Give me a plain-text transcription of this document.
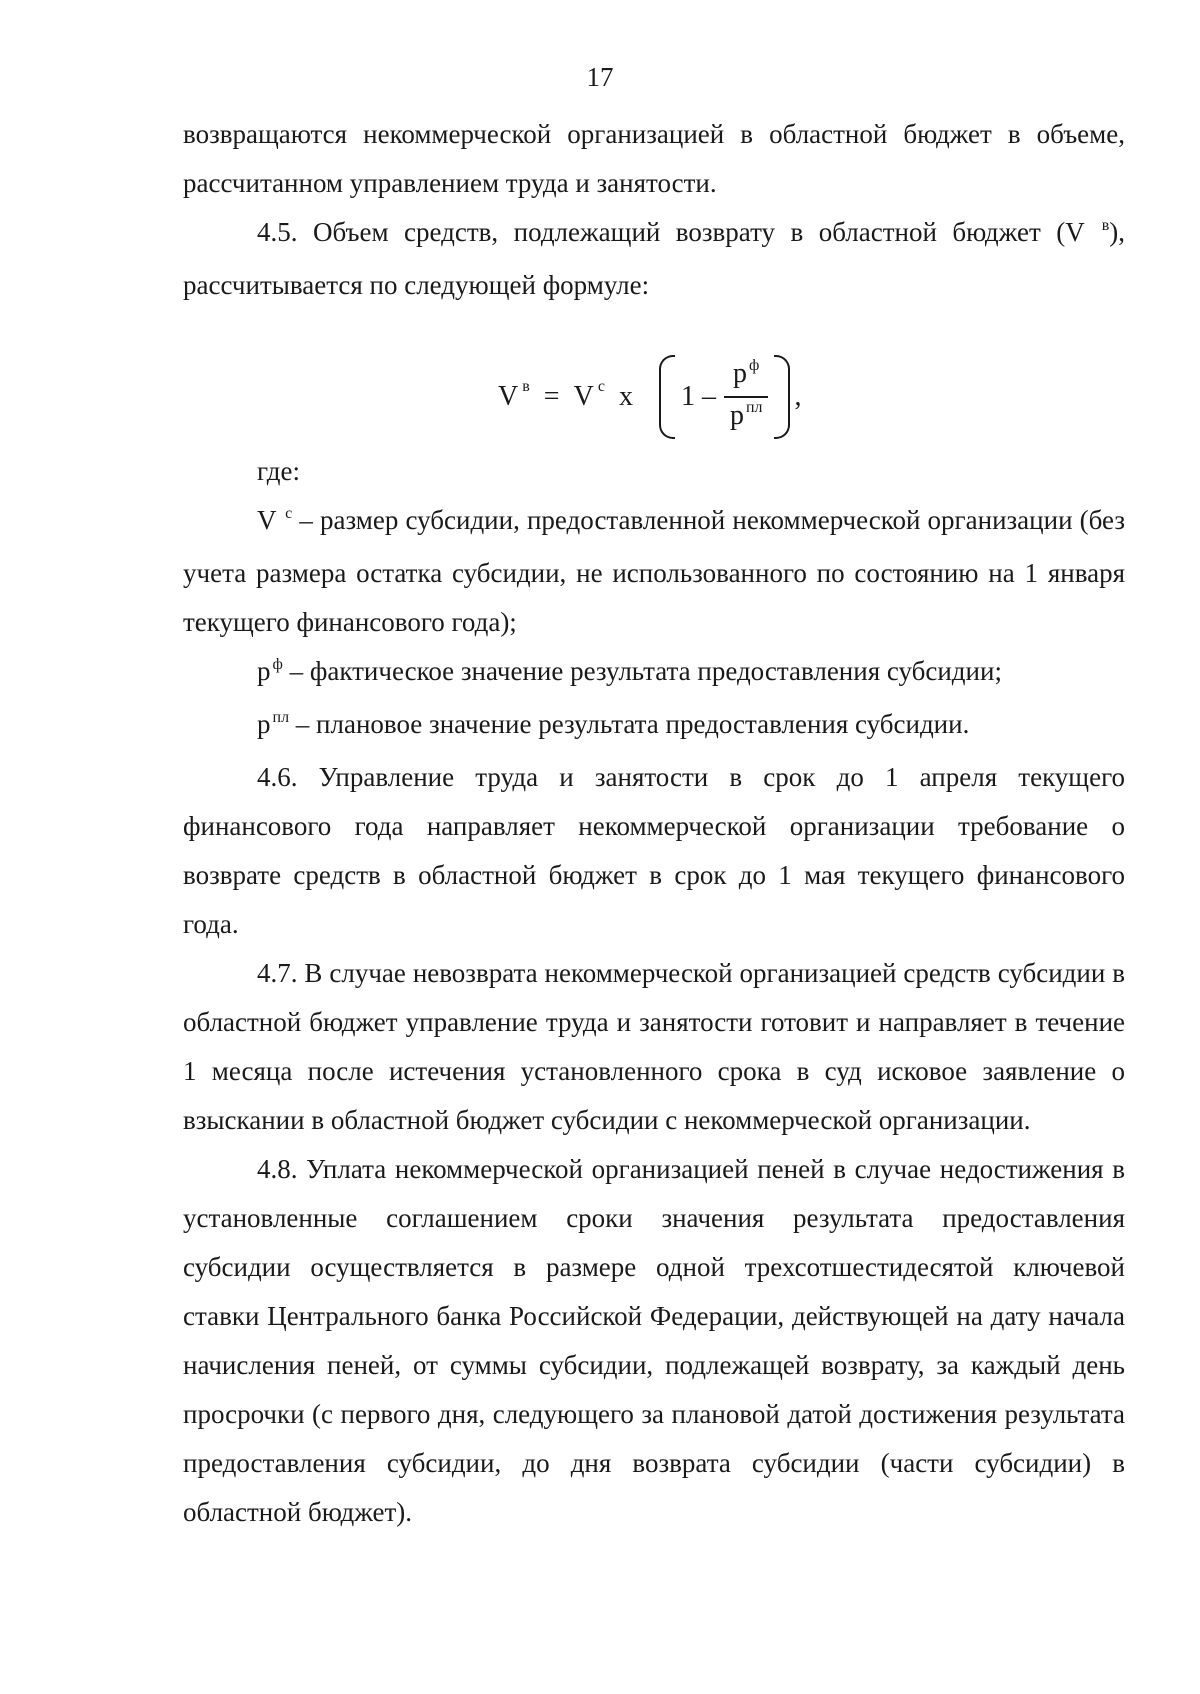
17

возвращаются некоммерческой организацией в областной бюджет в объеме, рассчитанном управлением труда и занятости.

4.5. Объем средств, подлежащий возврату в областной бюджет (V $^в$), рассчитывается по следующей формуле:

V $^в$ = V $^с$ х $1 - \frac{р ^ф}{р ^{пл}}$ ,

где:

V $^с$ – размер субсидии, предоставленной некоммерческой организации (без учета размера остатка субсидии, не использованного по состоянию на 1 января текущего финансового года);

р $^ф$ – фактическое значение результата предоставления субсидии;

р $^{пл}$ – плановое значение результата предоставления субсидии.

4.6. Управление труда и занятости в срок до 1 апреля текущего финансового года направляет некоммерческой организации требование о возврате средств в областной бюджет в срок до 1 мая текущего финансового года.

4.7. В случае невозврата некоммерческой организацией средств субсидии в областной бюджет управление труда и занятости готовит и направляет в течение 1 месяца после истечения установленного срока в суд исковое заявление о взыскании в областной бюджет субсидии с некоммерческой организации.

4.8. Уплата некоммерческой организацией пеней в случае недостижения в установленные соглашением сроки значения результата предоставления субсидии осуществляется в размере одной трехсотшестидесятой ключевой ставки Центрального банка Российской Федерации, действующей на дату начала начисления пеней, от суммы субсидии, подлежащей возврату, за каждый день просрочки (с первого дня, следующего за плановой датой достижения результата предоставления субсидии, до дня возврата субсидии (части субсидии) в областной бюджет).
